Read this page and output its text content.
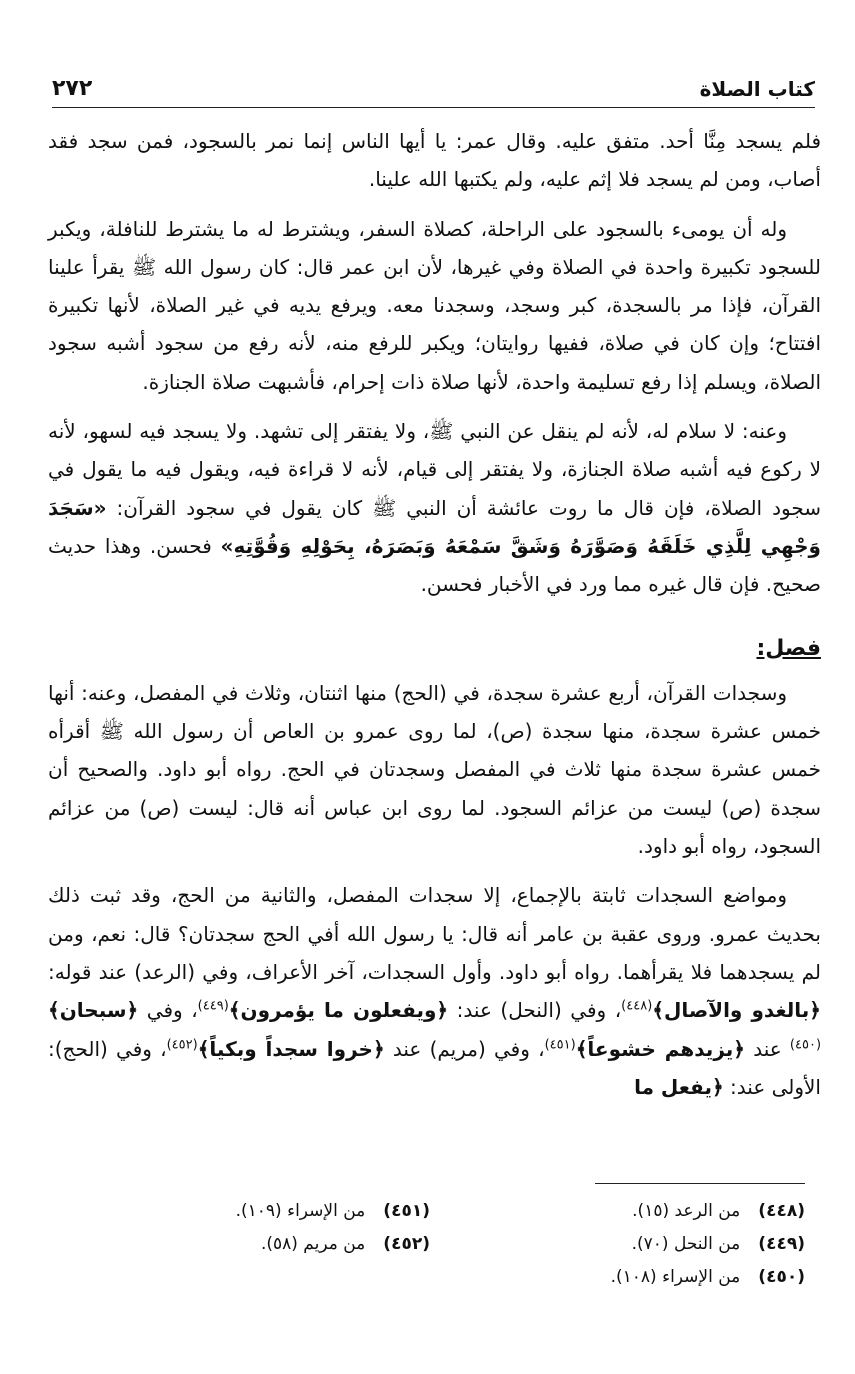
كتاب الصلاة
٢٧٢

فلم يسجد مِنَّا أحد. متفق عليه. وقال عمر: يا أيها الناس إنما نمر بالسجود، فمن سجد فقد أصاب، ومن لم يسجد فلا إثم عليه، ولم يكتبها الله علينا.

وله أن يومىء بالسجود على الراحلة، كصلاة السفر، ويشترط له ما يشترط للنافلة، ويكبر للسجود تكبيرة واحدة في الصلاة وفي غيرها، لأن ابن عمر قال: كان رسول الله ﷺ يقرأ علينا القرآن، فإذا مر بالسجدة، كبر وسجد، وسجدنا معه. ويرفع يديه في غير الصلاة، لأنها تكبيرة افتتاح؛ وإن كان في صلاة، ففيها روايتان؛ ويكبر للرفع منه، لأنه رفع من سجود أشبه سجود الصلاة، ويسلم إذا رفع تسليمة واحدة، لأنها صلاة ذات إحرام، فأشبهت صلاة الجنازة.

وعنه: لا سلام له، لأنه لم ينقل عن النبي ﷺ، ولا يفتقر إلى تشهد. ولا يسجد فيه لسهو، لأنه لا ركوع فيه أشبه صلاة الجنازة، ولا يفتقر إلى قيام، لأنه لا قراءة فيه، ويقول فيه ما يقول في سجود الصلاة، فإن قال ما روت عائشة أن النبي ﷺ كان يقول في سجود القرآن: «سَجَدَ وَجْهِي لِلَّذِي خَلَقَهُ وَصَوَّرَهُ وَشَقَّ سَمْعَهُ وَبَصَرَهُ، بِحَوْلِهِ وَقُوَّتِهِ» فحسن. وهذا حديث صحيح. فإن قال غيره مما ورد في الأخبار فحسن.

فصل:

وسجدات القرآن، أربع عشرة سجدة، في (الحج) منها اثنتان، وثلاث في المفصل، وعنه: أنها خمس عشرة سجدة، منها سجدة (ص)، لما روى عمرو بن العاص أن رسول الله ﷺ أقرأه خمس عشرة سجدة منها ثلاث في المفصل وسجدتان في الحج. رواه أبو داود. والصحيح أن سجدة (ص) ليست من عزائم السجود. لما روى ابن عباس أنه قال: ليست (ص) من عزائم السجود، رواه أبو داود.

ومواضع السجدات ثابتة بالإجماع، إلا سجدات المفصل، والثانية من الحج، وقد ثبت ذلك بحديث عمرو. وروى عقبة بن عامر أنه قال: يا رسول الله أفي الحج سجدتان؟ قال: نعم، ومن لم يسجدهما فلا يقرأهما. رواه أبو داود. وأول السجدات، آخر الأعراف، وفي (الرعد) عند قوله: ﴿بالغدو والآصال﴾$^{(٤٤٨)}$، وفي (النحل) عند: ﴿ويفعلون ما يؤمرون﴾$^{(٤٤٩)}$، وفي ﴿سبحان﴾$^{(٤٥٠)}$ عند ﴿يزيدهم خشوعاً﴾$^{(٤٥١)}$، وفي (مريم) عند ﴿خروا سجداً وبكياً﴾$^{(٤٥٢)}$، وفي (الحج): الأولى عند: ﴿يفعل ما

(٤٤٨)
من الرعد (١٥).
(٤٤٩)
من النحل (٧٠).
(٤٥٠)
من الإسراء (١٠٨).
(٤٥١)
من الإسراء (١٠٩).
(٤٥٢)
من مريم (٥٨).
